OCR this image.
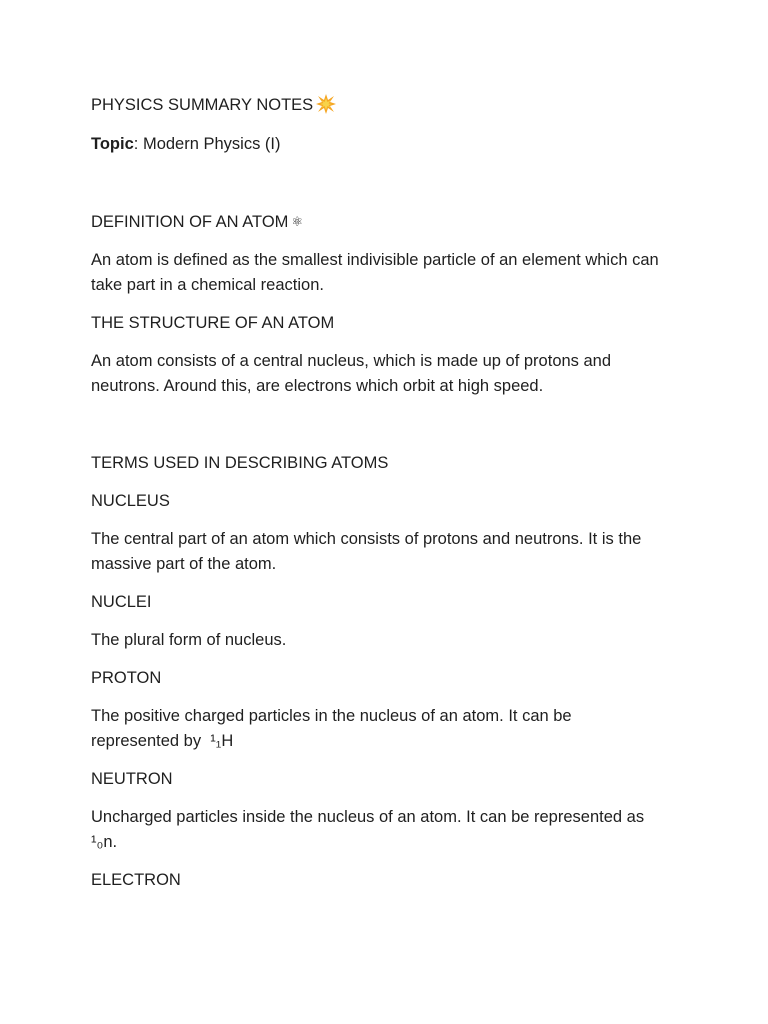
PHYSICS SUMMARY NOTES

Topic: Modern Physics (I)

DEFINITION OF AN ATOM ⚛

An atom is defined as the smallest indivisible particle of an element which can take part in a chemical reaction.

THE STRUCTURE OF AN ATOM

An atom consists of a central nucleus, which is made up of protons and neutrons. Around this, are electrons which orbit at high speed.

TERMS USED IN DESCRIBING ATOMS

NUCLEUS

The central part of an atom which consists of protons and neutrons. It is the massive part of the atom.

NUCLEI

The plural form of nucleus.

PROTON

The positive charged particles in the nucleus of an atom. It can be

represented by ¹₁H

NEUTRON

Uncharged particles inside the nucleus of an atom. It can be represented as

¹₀n.

ELECTRON
